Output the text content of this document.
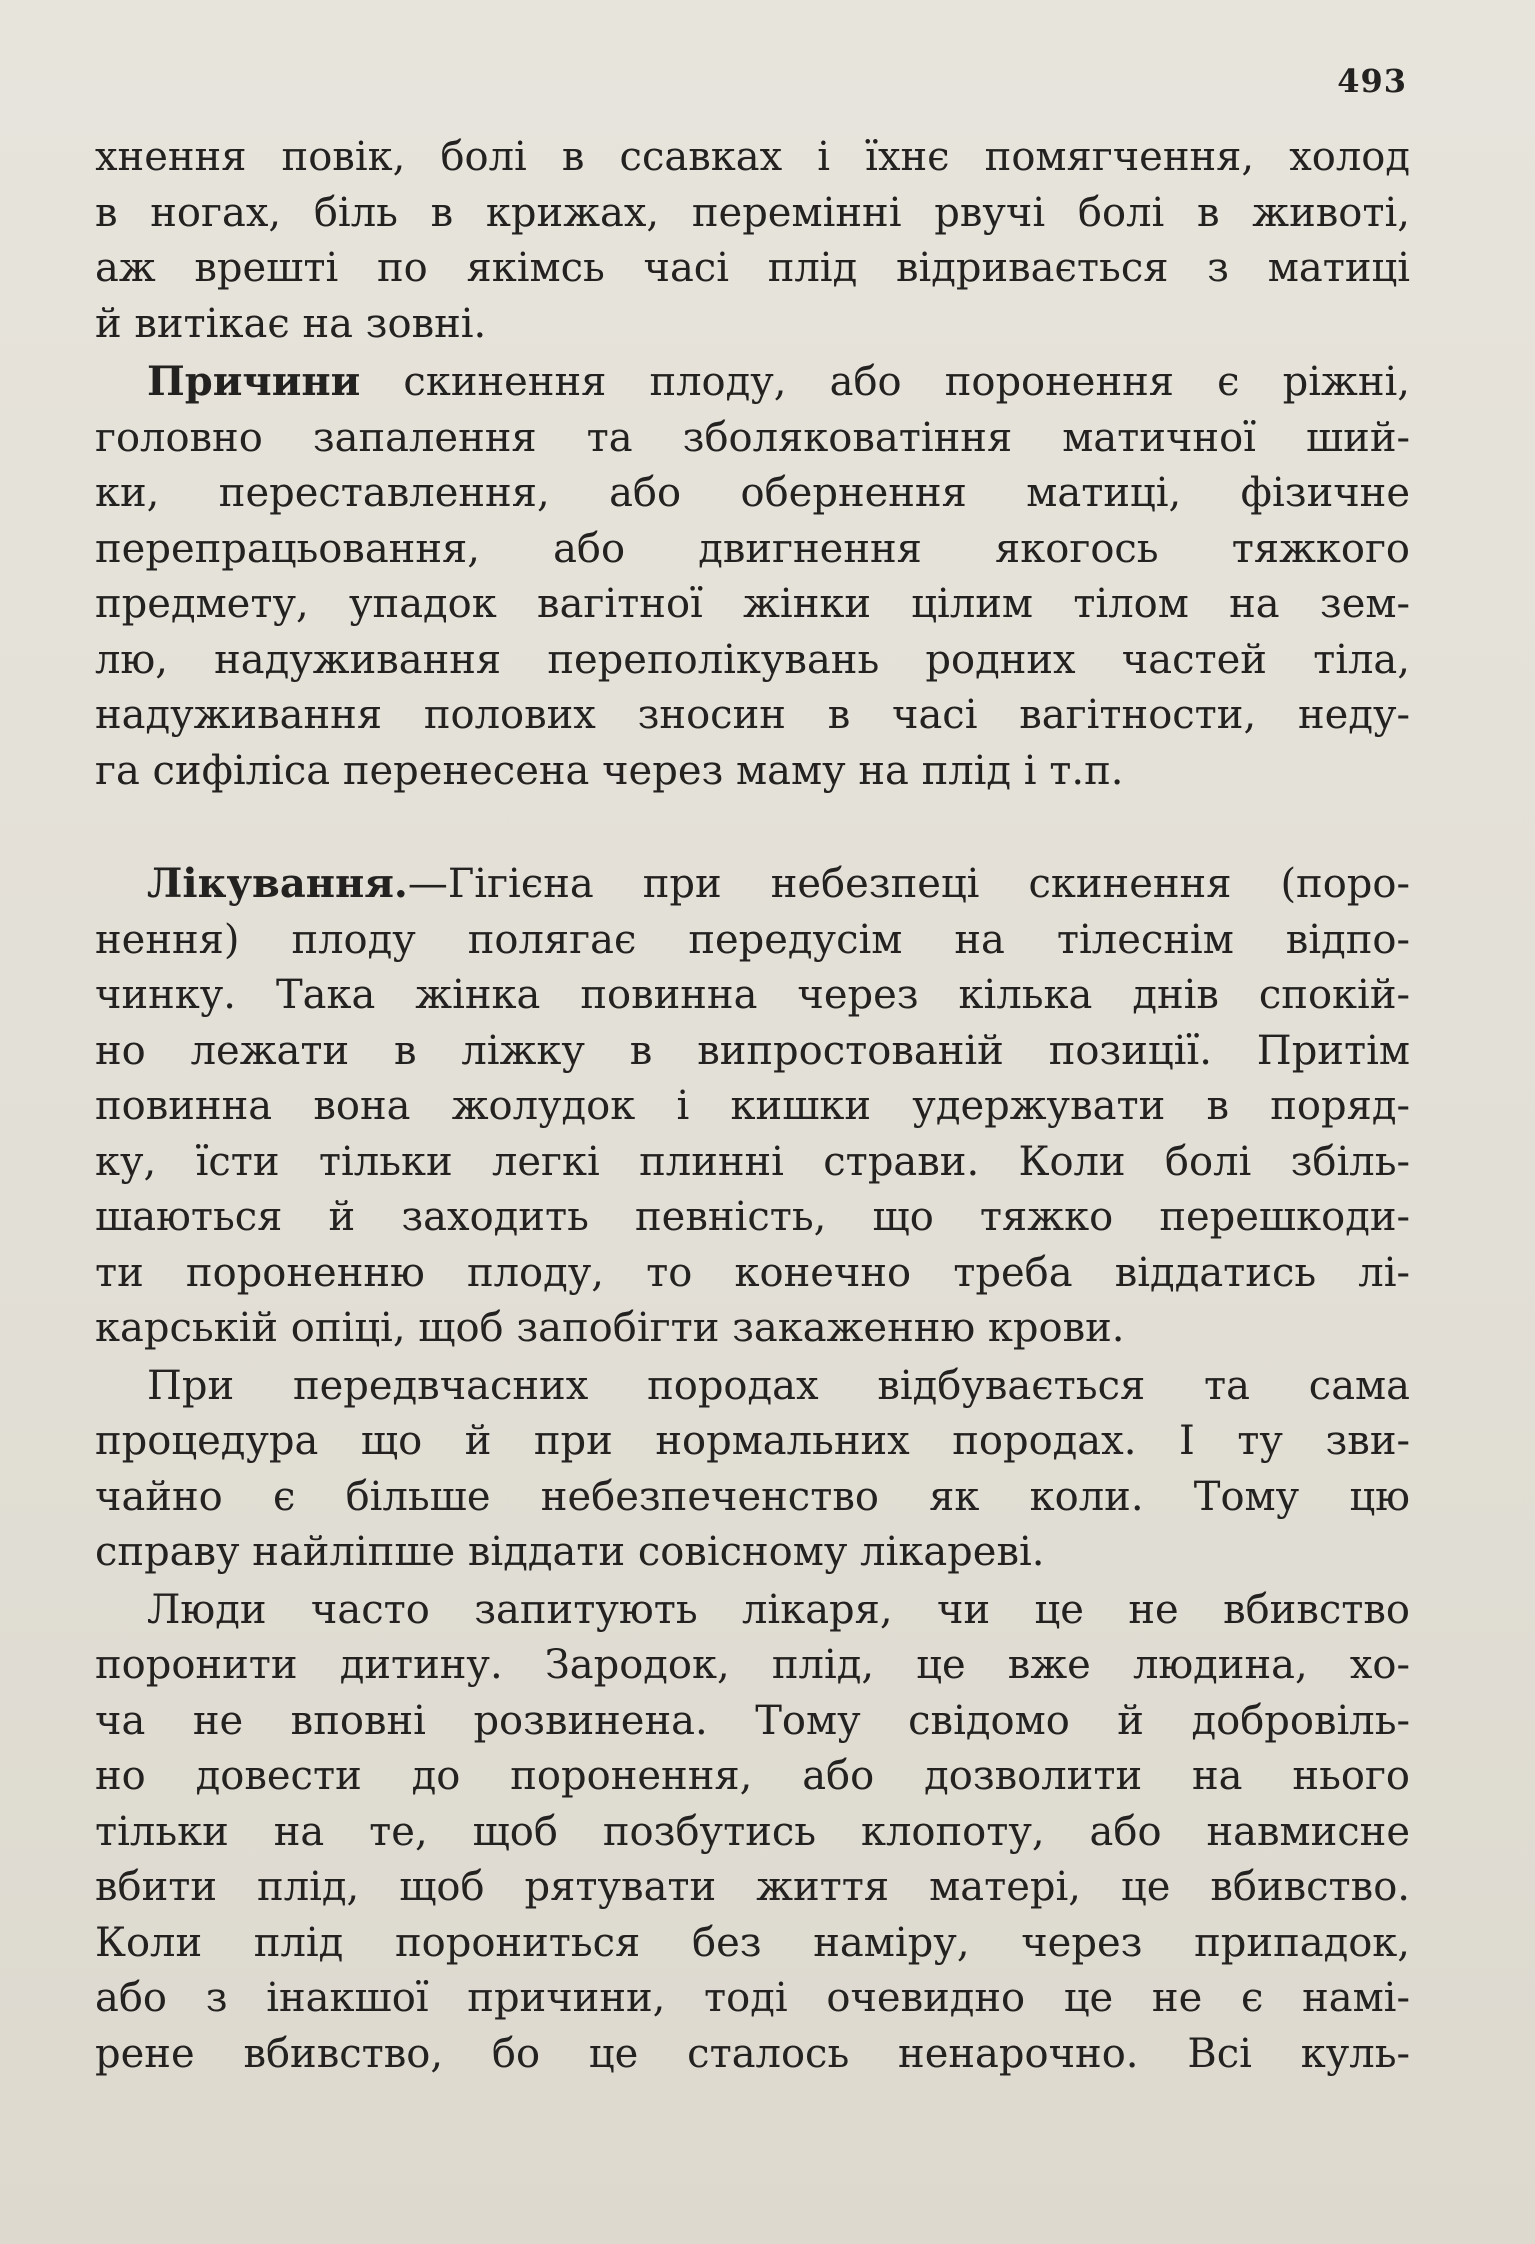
493
хнення повік, болі в ссавках і їхнє помягчення, холод
в ногах, біль в крижах, перемінні рвучі болі в животі,
аж врешті по якімсь часі плід відривається з матиці
й витікає на зовні.
Причини скинення плоду, або поронення є ріжні,
головно запалення та зболяковатіння матичної ший-
ки, переставлення, або обернення матиці, фізичне
перепрацьовання, або двигнення якогось тяжкого
предмету, упадок вагітної жінки цілим тілом на зем-
лю, надуживання переполікувань родних частей тіла,
надуживання полових зносин в часі вагітности, неду-
га сифіліса перенесена через маму на плід і т.п.
Лікування.—Гігієна при небезпеці скинення (поро-
нення) плоду полягає передусім на тілеснім відпо-
чинку. Така жінка повинна через кілька днів спокій-
но лежати в ліжку в випростованій позиції. Притім
повинна вона жолудок і кишки удержувати в поряд-
ку, їсти тільки легкі плинні страви. Коли болі збіль-
шаються й заходить певність, що тяжко перешкоди-
ти пороненню плоду, то конечно треба віддатись лі-
карській опіці, щоб запобігти закаженню крови.
При передвчасних породах відбувається та сама
процедура що й при нормальних породах. І ту зви-
чайно є більше небезпеченство як коли. Тому цю
справу найліпше віддати совісному лікареві.
Люди часто запитують лікаря, чи це не вбивство
поронити дитину. Зародок, плід, це вже людина, хо-
ча не вповні розвинена. Тому свідомо й добровіль-
но довести до поронення, або дозволити на нього
тільки на те, щоб позбутись клопоту, або навмисне
вбити плід, щоб рятувати життя матері, це вбивство.
Коли плід порониться без наміру, через припадок,
або з інакшої причини, тоді очевидно це не є намі-
рене вбивство, бо це сталось ненарочно. Всі куль-
